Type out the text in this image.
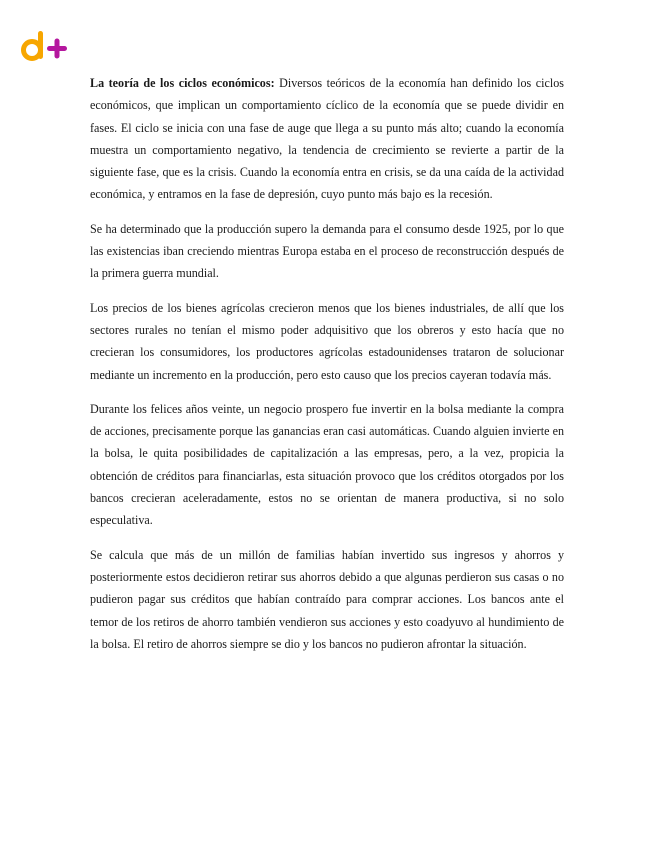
La teoría de los ciclos económicos: Diversos teóricos de la economía han definido los ciclos económicos, que implican un comportamiento cíclico de la economía que se puede dividir en fases. El ciclo se inicia con una fase de auge que llega a su punto más alto; cuando la economía muestra un comportamiento negativo, la tendencia de crecimiento se revierte a partir de la siguiente fase, que es la crisis. Cuando la economía entra en crisis, se da una caída de la actividad económica, y entramos en la fase de depresión, cuyo punto más bajo es la recesión.

Se ha determinado que la producción supero la demanda para el consumo desde 1925, por lo que las existencias iban creciendo mientras Europa estaba en el proceso de reconstrucción después de la primera guerra mundial.

Los precios de los bienes agrícolas crecieron menos que los bienes industriales, de allí que los sectores rurales no tenían el mismo poder adquisitivo que los obreros y esto hacía que no crecieran los consumidores, los productores agrícolas estadounidenses trataron de solucionar mediante un incremento en la producción, pero esto causo que los precios cayeran todavía más.

Durante los felices años veinte, un negocio prospero fue invertir en la bolsa mediante la compra de acciones, precisamente porque las ganancias eran casi automáticas. Cuando alguien invierte en la bolsa, le quita posibilidades de capitalización a las empresas, pero, a la vez, propicia la obtención de créditos para financiarlas, esta situación provoco que los créditos otorgados por los bancos crecieran aceleradamente, estos no se orientan de manera productiva, si no solo especulativa.

Se calcula que más de un millón de familias habían invertido sus ingresos y ahorros y posteriormente estos decidieron retirar sus ahorros debido a que algunas perdieron sus casas o no pudieron pagar sus créditos que habían contraído para comprar acciones. Los bancos ante el temor de los retiros de ahorro también vendieron sus acciones y esto coadyuvo al hundimiento de la bolsa. El retiro de ahorros siempre se dio y los bancos no pudieron afrontar la situación.
